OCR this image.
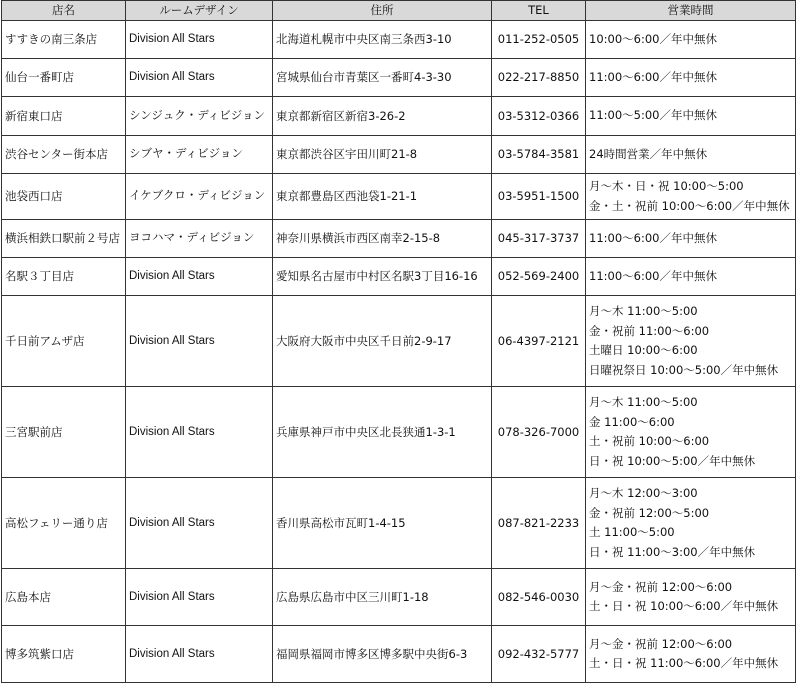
店名	ルームデザイン	住所	TEL	営業時間
すすきの南三条店	Division All Stars	北海道札幌市中央区南三条西3-10	011-252-0505	10:00～6:00／年中無休

仙台一番町店	Division All Stars	宮城県仙台市青葉区一番町4-3-30	022-217-8850	11:00～6:00／年中無休

新宿東口店	シンジュク・ディビジョン	東京都新宿区新宿3-26-2	03-5312-0366	11:00～5:00／年中無休

渋谷センター街本店	シブヤ・ディビジョン	東京都渋谷区宇田川町21-8	03-5784-3581	24時間営業／年中無休

池袋西口店	イケブクロ・ディビジョン	東京都豊島区西池袋1-21-1	03-5951-1500	月～木・日・祝 10:00～5:00
金・土・祝前 10:00～6:00／年中無休

横浜相鉄口駅前２号店	ヨコハマ・ディビジョン	神奈川県横浜市西区南幸2-15-8	045-317-3737	11:00～6:00／年中無休

名駅３丁目店	Division All Stars	愛知県名古屋市中村区名駅3丁目16-16	052-569-2400	11:00～6:00／年中無休

千日前アムザ店	Division All Stars	大阪府大阪市中央区千日前2-9-17	06-4397-2121	月～木 11:00～5:00
金・祝前 11:00～6:00
土曜日 10:00～6:00
日曜祝祭日 10:00～5:00／年中無休

三宮駅前店	Division All Stars	兵庫県神戸市中央区北長狭通1-3-1	078-326-7000	月～木 11:00～5:00
金 11:00～6:00
土・祝前 10:00～6:00
日・祝 10:00～5:00／年中無休

高松フェリー通り店	Division All Stars	香川県高松市瓦町1-4-15	087-821-2233	月～木 12:00～3:00
金・祝前 12:00～5:00
土 11:00～5:00
日・祝 11:00～3:00／年中無休

広島本店	Division All Stars	広島県広島市中区三川町1-18	082-546-0030	月～金・祝前 12:00～6:00
土・日・祝 10:00～6:00／年中無休

博多筑紫口店	Division All Stars	福岡県福岡市博多区博多駅中央街6-3	092-432-5777	月～金・祝前 12:00～6:00
土・日・祝 11:00～6:00／年中無休
